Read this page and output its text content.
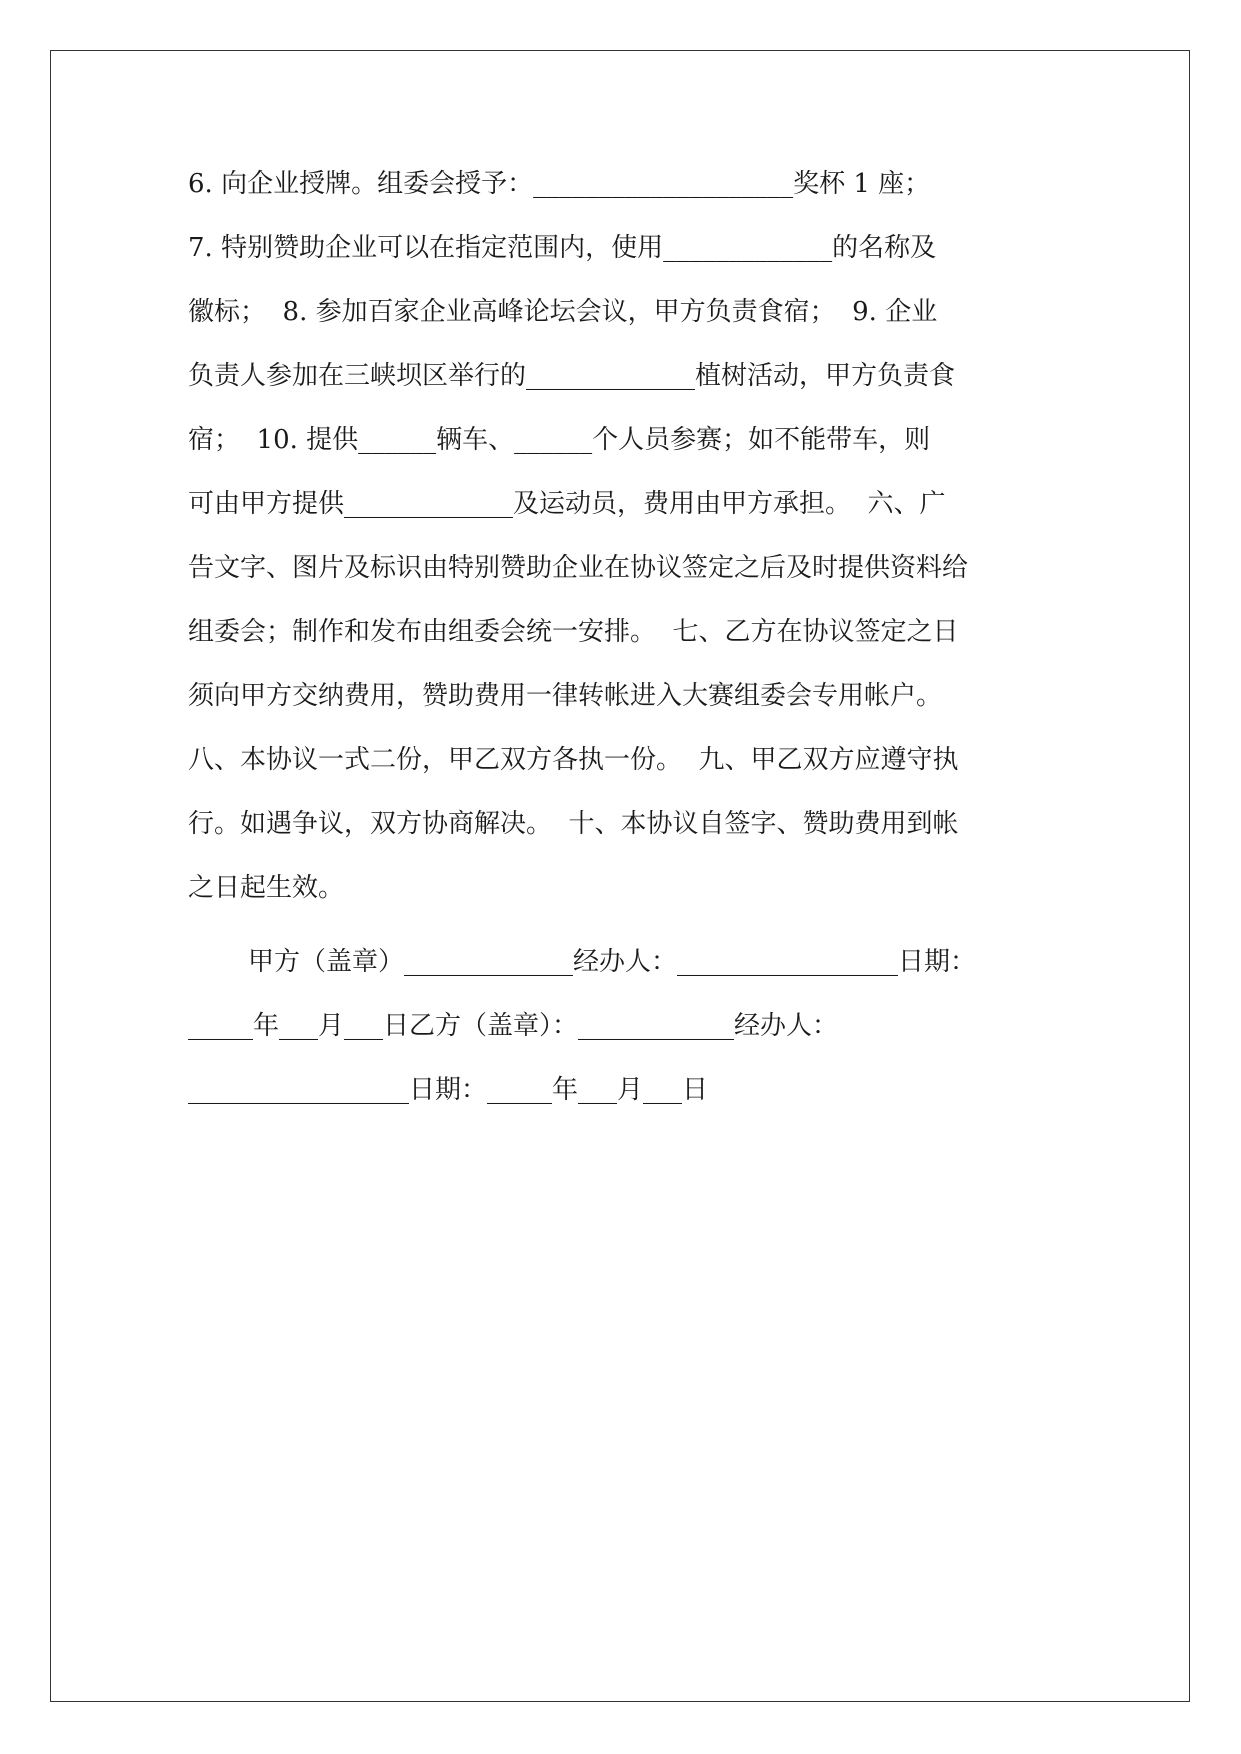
6. 向企业授牌。组委会授予：____________________奖杯 1 座；
7. 特别赞助企业可以在指定范围内，使用_____________的名称及
徽标；  8. 参加百家企业高峰论坛会议，甲方负责食宿；  9. 企业
负责人参加在三峡坝区举行的_____________植树活动，甲方负责食
宿；  10. 提供______辆车、______个人员参赛；如不能带车，则
可由甲方提供_____________及运动员，费用由甲方承担。  六、广
告文字、图片及标识由特别赞助企业在协议签定之后及时提供资料给
组委会；制作和发布由组委会统一安排。  七、乙方在协议签定之日
须向甲方交纳费用，赞助费用一律转帐进入大赛组委会专用帐户。
八、本协议一式二份，甲乙双方各执一份。  九、甲乙双方应遵守执
行。如遇争议，双方协商解决。  十、本协议自签字、赞助费用到帐
之日起生效。
甲方（盖章）_____________经办人：_________________日期：
_____年___月___日乙方（盖章）：____________经办人：
_________________日期：_____年___月___日
